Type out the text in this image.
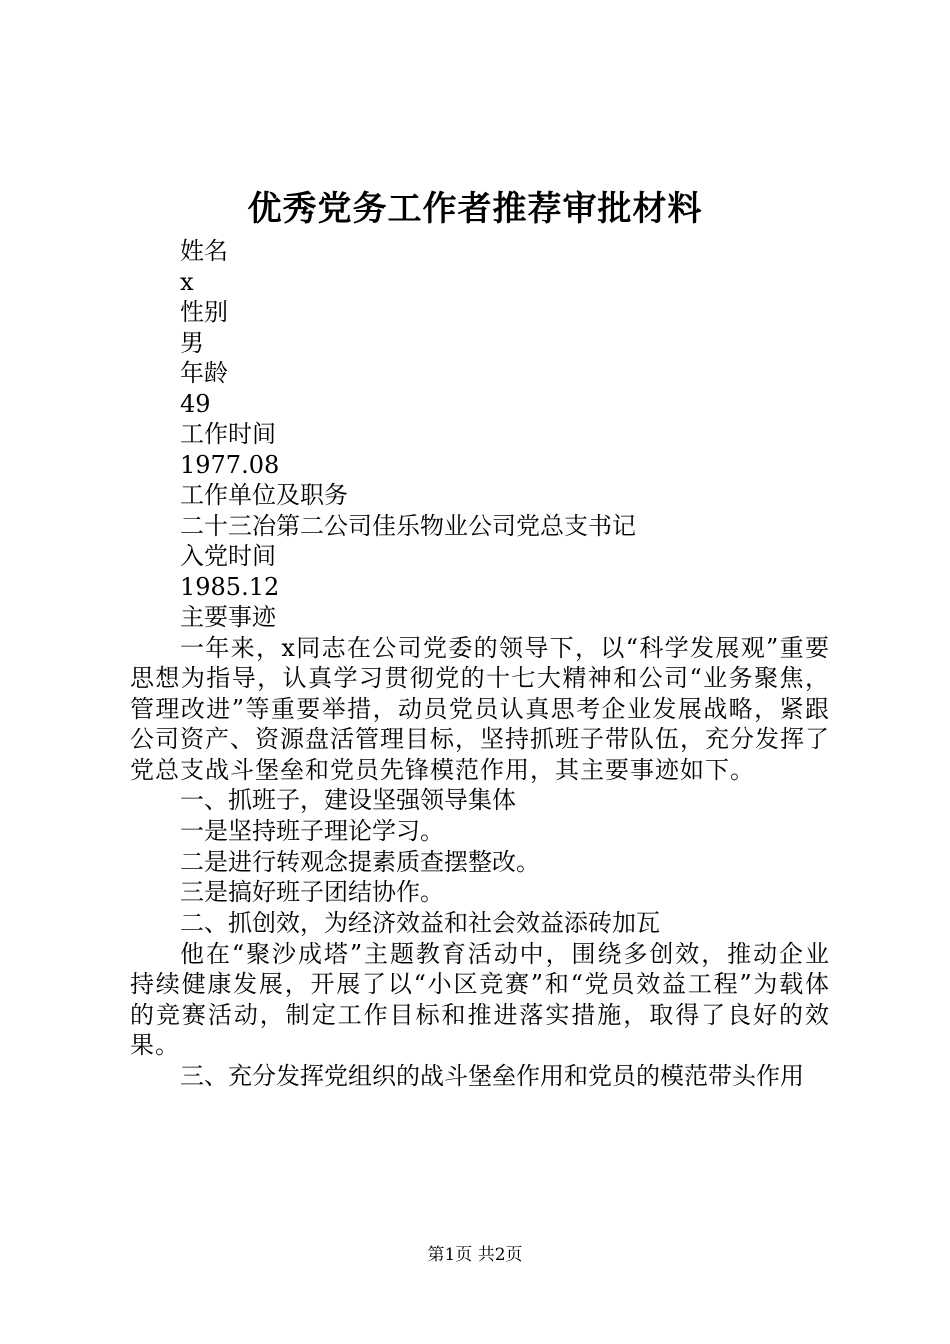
优秀党务工作者推荐审批材料
姓名
x
性别
男
年龄
49
工作时间
1977.08
工作单位及职务
二十三冶第二公司佳乐物业公司党总支书记
入党时间
1985.12
主要事迹
一年来，x同志在公司党委的领导下，以“科学发展观”重要思想为指导，认真学习贯彻党的十七大精神和公司“业务聚焦，管理改进”等重要举措，动员党员认真思考企业发展战略，紧跟公司资产、资源盘活管理目标，坚持抓班子带队伍，充分发挥了党总支战斗堡垒和党员先锋模范作用，其主要事迹如下。
一、抓班子，建设坚强领导集体
一是坚持班子理论学习。
二是进行转观念提素质查摆整改。
三是搞好班子团结协作。
二、抓创效，为经济效益和社会效益添砖加瓦
他在“聚沙成塔”主题教育活动中，围绕多创效，推动企业持续健康发展，开展了以“小区竞赛”和“党员效益工程”为载体的竞赛活动，制定工作目标和推进落实措施，取得了良好的效果。
三、充分发挥党组织的战斗堡垒作用和党员的模范带头作用
第1页 共2页
